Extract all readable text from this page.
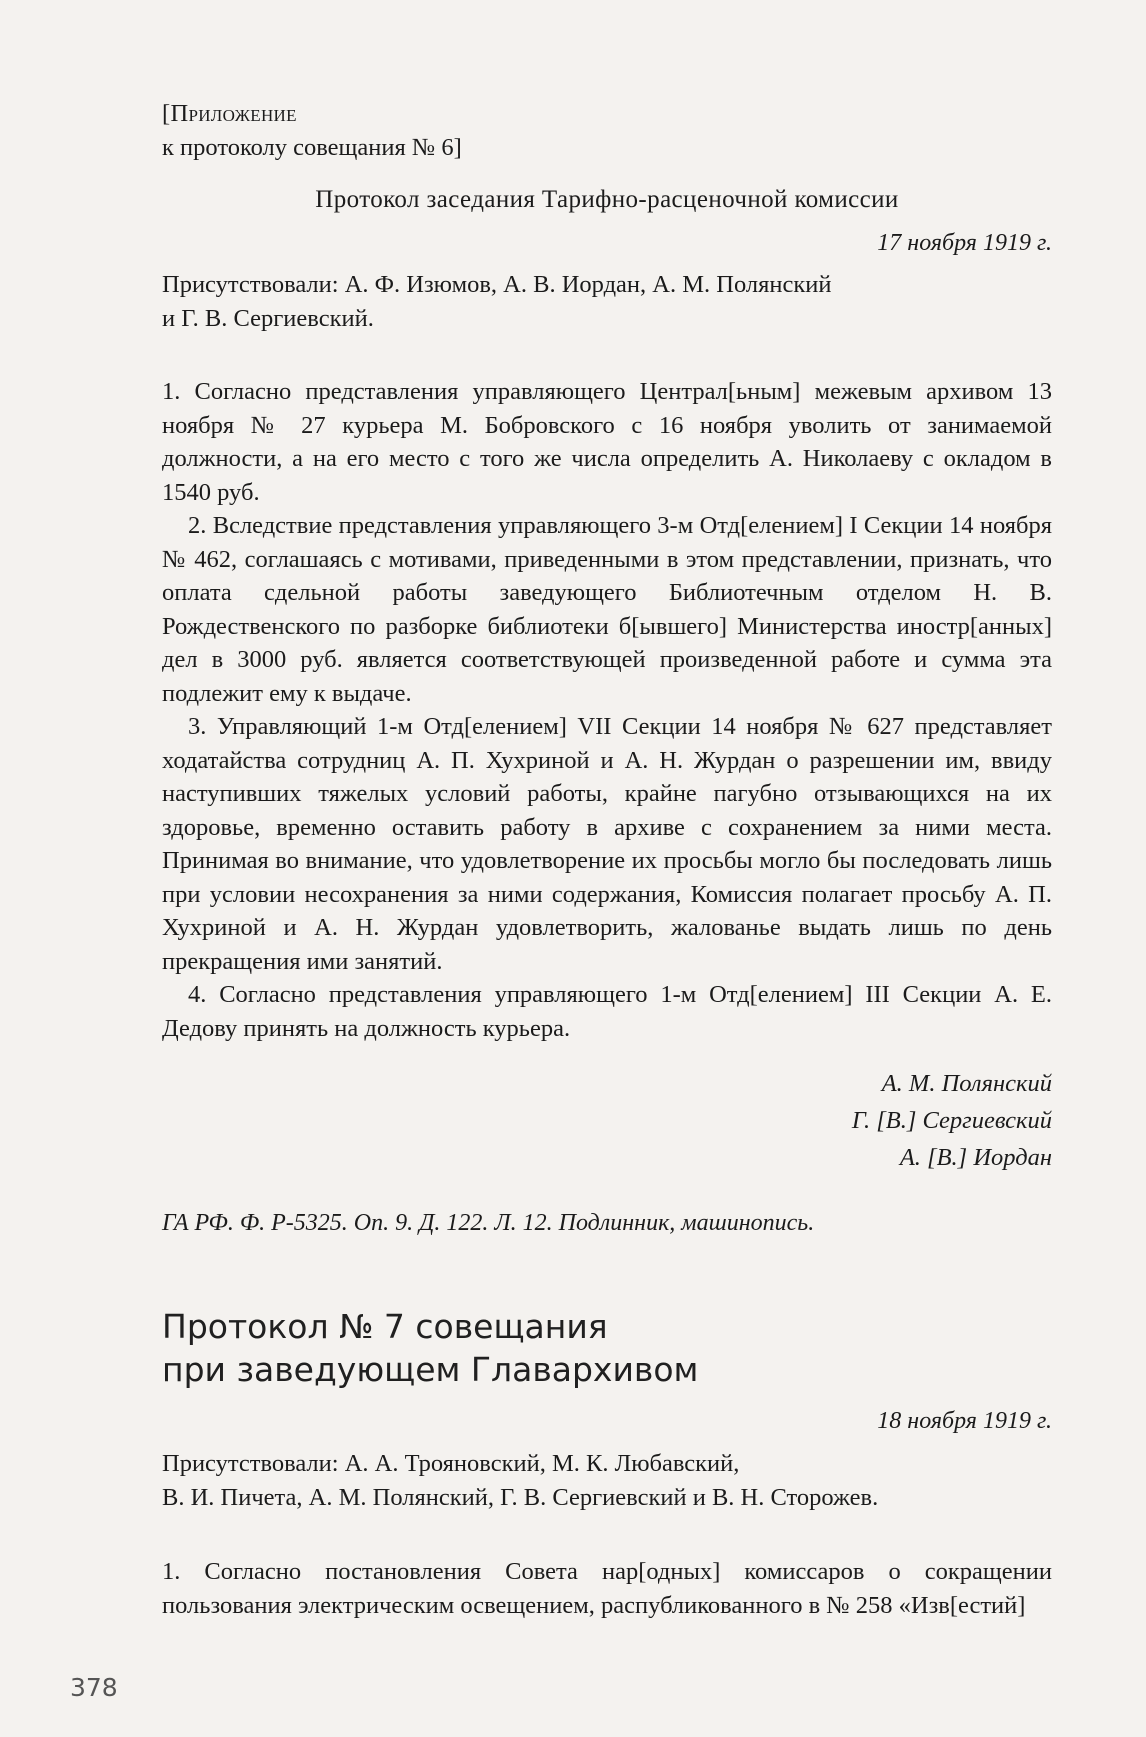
[Приложение
к протоколу совещания № 6]
Протокол заседания Тарифно-расценочной комиссии
17 ноября 1919 г.
Присутствовали: А. Ф. Изюмов, А. В. Иордан, А. М. Полянский
и Г. В. Сергиевский.

1. Согласно представления управляющего Централ[ьным] межевым архивом 13 ноября № 27 курьера М. Бобровского с 16 ноября уволить от занимаемой должности, а на его место с того же числа определить А. Николаеву с окладом в 1540 руб.

2. Вследствие представления управляющего 3-м Отд[елением] I Секции 14 ноября № 462, соглашаясь с мотивами, приведенными в этом представлении, признать, что оплата сдельной работы заведующего Библиотечным отделом Н. В. Рождественского по разборке библиотеки б[ывшего] Министерства иностр[анных] дел в 3000 руб. является соответствующей произведенной работе и сумма эта подлежит ему к выдаче.

3. Управляющий 1-м Отд[елением] VII Секции 14 ноября № 627 представляет ходатайства сотрудниц А. П. Хухриной и А. Н. Журдан о разрешении им, ввиду наступивших тяжелых условий работы, крайне пагубно отзывающихся на их здоровье, временно оставить работу в архиве с сохранением за ними места. Принимая во внимание, что удовлетворение их просьбы могло бы последовать лишь при условии несохранения за ними содержания, Комиссия полагает просьбу А. П. Хухриной и А. Н. Журдан удовлетворить, жалованье выдать лишь по день прекращения ими занятий.

4. Согласно представления управляющего 1-м Отд[елением] III Секции А. Е. Дедову принять на должность курьера.

А. М. Полянский
Г. [В.] Сергиевский
А. [В.] Иордан
ГА РФ. Ф. Р-5325. Оп. 9. Д. 122. Л. 12. Подлинник, машинопись.
Протокол № 7 совещания
при заведующем Главархивом
18 ноября 1919 г.
Присутствовали: А. А. Трояновский, М. К. Любавский,
В. И. Пичета, А. М. Полянский, Г. В. Сергиевский и В. Н. Сторожев.

1. Согласно постановления Совета нар[одных] комиссаров о сокращении пользования электрическим освещением, распубликованного в № 258 «Изв[естий]

378
